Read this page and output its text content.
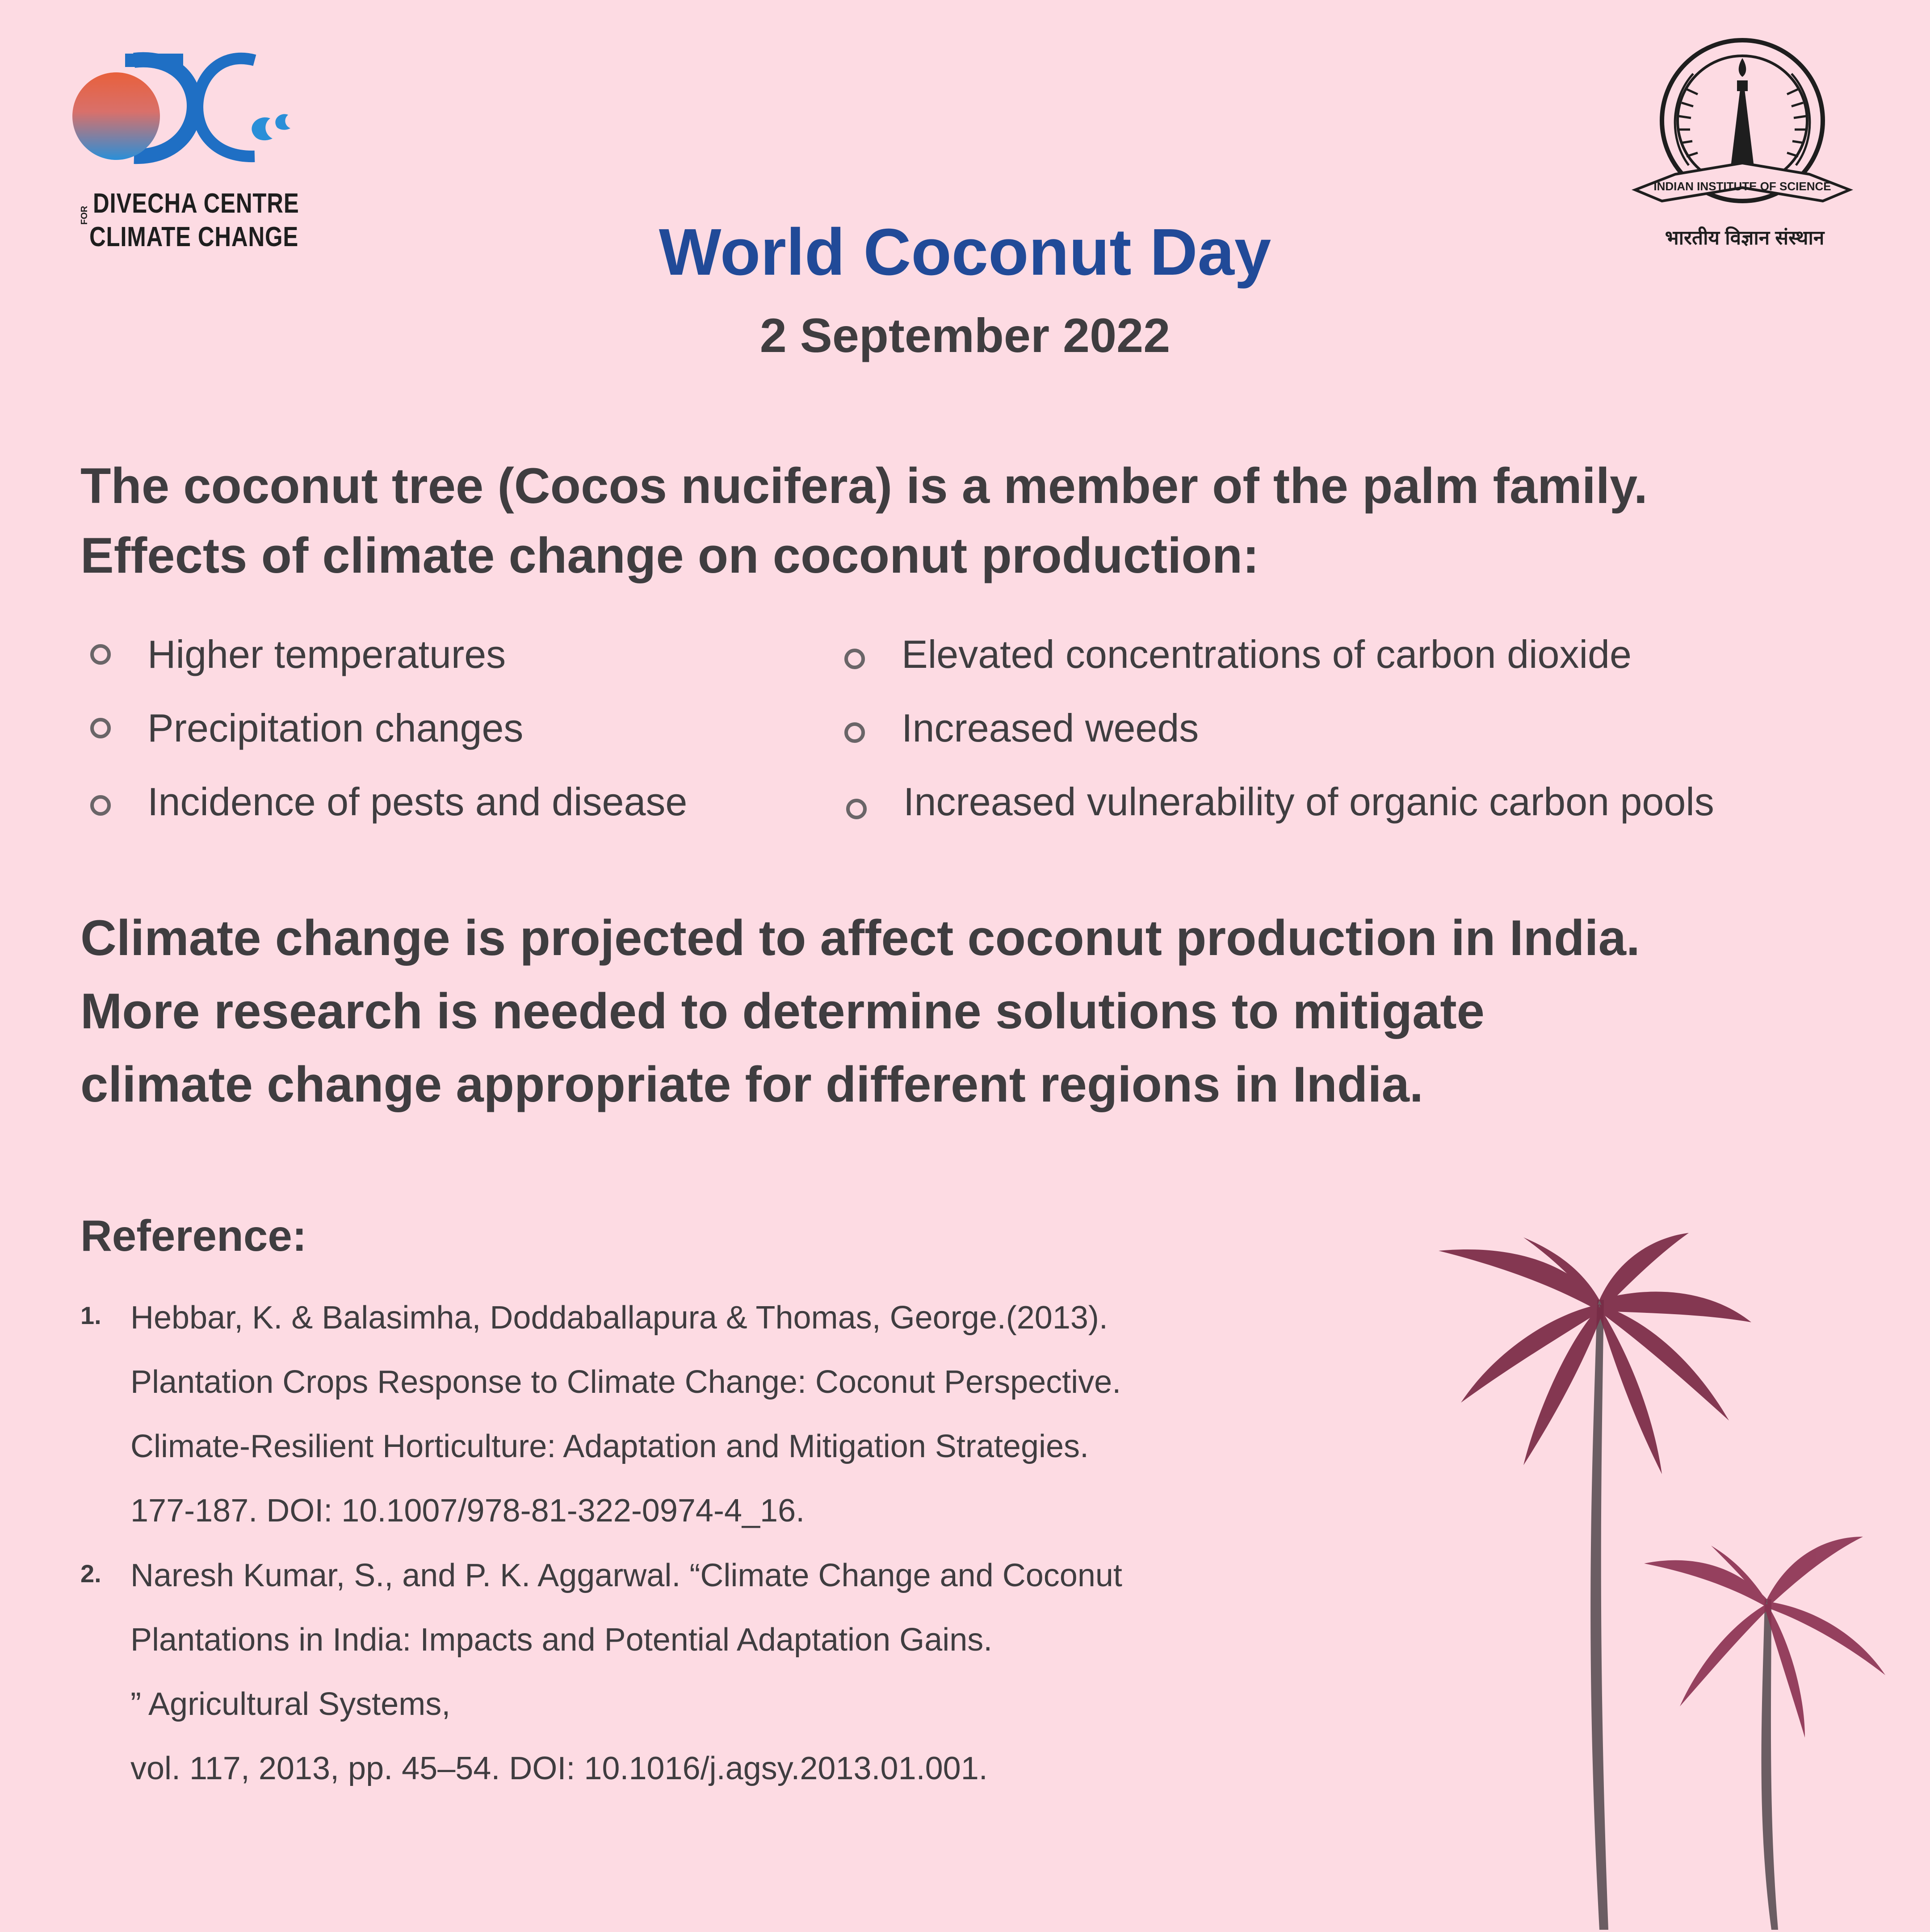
DIVECHA CENTRE
FOR
CLIMATE CHANGE
INDIAN INSTITUTE OF SCIENCE
भारतीय विज्ञान संस्थान
World Coconut Day
2 September 2022
The coconut tree (Cocos nucifera) is a member of the palm family.
Effects of climate change on coconut production:
Higher temperatures
Precipitation changes
Incidence of pests and disease
Elevated concentrations of carbon dioxide
Increased weeds
Increased vulnerability of organic carbon pools
Climate change is projected to affect coconut production in India.
More research is needed to determine solutions to mitigate
climate change appropriate for different regions in India.
Reference:
1. Hebbar, K. & Balasimha, Doddaballapura & Thomas, George.(2013).
Plantation Crops Response to Climate Change: Coconut Perspective.
Climate-Resilient Horticulture: Adaptation and Mitigation Strategies.
177-187. DOI: 10.1007/978-81-322-0974-4_16.
2. Naresh Kumar, S., and P. K. Aggarwal. “Climate Change and Coconut
Plantations in India: Impacts and Potential Adaptation Gains.
” Agricultural Systems,
vol. 117, 2013, pp. 45–54. DOI: 10.1016/j.agsy.2013.01.001.
